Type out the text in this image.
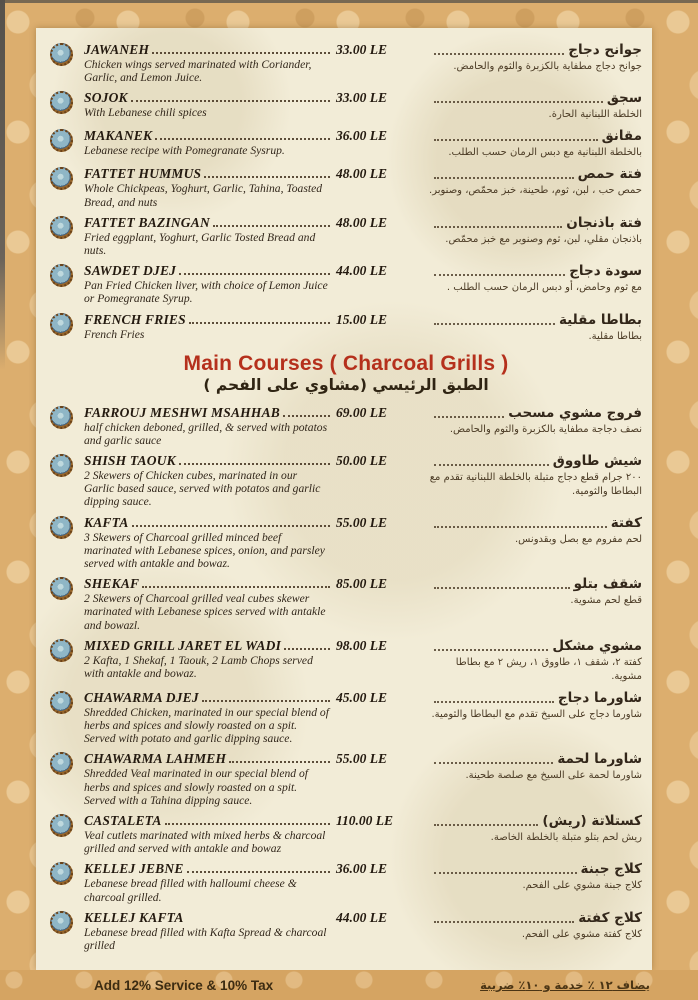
JAWANEH
Chicken wings served marinated with Coriander, Garlic, and Lemon Juice.
33.00 LE	جوانح دجاج
جوانح دجاج مطفاية بالكزبرة والثوم والحامض.
SOJOK
With Lebanese chili spices
33.00 LE	سجق
الخلطة اللبنانية الحارة.
MAKANEK
Lebanese recipe with Pomegranate Sysrup.
36.00 LE	مقانق
بالخلطة اللبنانية مع دبس الرمان حسب الطلب.
FATTET HUMMUS
Whole Chickpeas, Yoghurt, Garlic, Tahina, Toasted Bread, and nuts
48.00 LE	فتة حمص
حمص حب ، لبن، ثوم، طحينة، خبز محمّص، وصنوبر.
FATTET BAZINGAN
Fried eggplant, Yoghurt, Garlic Tosted Bread and nuts.
48.00 LE	فتة باذنجان
باذنجان مقلي، لبن، ثوم وصنوبر مع خبز محمّص.
SAWDET DJEJ
Pan Fried Chicken liver, with choice of Lemon Juice or Pomegranate Syrup.
44.00 LE	سودة دجاج
مع ثوم وحامض، أو دبس الرمان حسب الطلب .
FRENCH FRIES
French Fries
15.00 LE	بطاطا مقلية
بطاطا مقلية.
Main Courses ( Charcoal Grills )
الطبق الرئيسي (مشاوي على الفحم )
FARROUJ MESHWI MSAHHAB
half chicken deboned, grilled, & served with potatos and garlic sauce
69.00 LE	فروج مشوي مسحب
نصف دجاجة مطفاية بالكزبرة والثوم والحامض.
SHISH TAOUK
2 Skewers of Chicken cubes, marinated in our Garlic based sauce, served with potatos and garlic dipping sauce.
50.00 LE	شيش طاووق
٢٠٠ جرام قطع دجاج متبلة بالخلطة اللبنانية تقدم مع البطاطا والثومية.
KAFTA
3 Skewers of Charcoal grilled minced beef marinated with Lebanese spices, onion, and parsley served with antakle and bowaz.
55.00 LE	كفتة
لحم مفروم مع بصل وبقدونس.
SHEKAF
2 Skewers of Charcoal grilled veal cubes skewer marinated with Lebanese spices served with antakle and bowazl.
85.00 LE	شقف بتلو
قطع لحم مشوية.
MIXED GRILL JARET EL WADI
2 Kafta, 1 Shekaf, 1 Taouk, 2 Lamb Chops served with antakle and bowaz.
98.00 LE	مشوي مشكل
كفتة ٢، شقف ١، طاووق ١، ريش ٢ مع بطاطا مشوية.
CHAWARMA DJEJ
Shredded Chicken, marinated in our special blend of herbs and spices and slowly roasted on a spit. Served with potato and garlic dipping sauce.
45.00 LE	شاورما دجاج
شاورما دجاج على السيخ تقدم مع البطاطا والثومية.
CHAWARMA LAHMEH
Shredded Veal marinated in our special blend of herbs and spices and slowly roasted on a spit. Served with a Tahina dipping sauce.
55.00 LE	شاورما لحمة
شاورما لحمة على السيخ مع صلصة طحينة.
CASTALETA
Veal cutlets marinated with mixed herbs & charcoal grilled and served with antakle and bowaz
110.00 LE	كستلاتة (ريش)
ريش لحم بتلو متبلة بالخلطة الخاصة.
KELLEJ JEBNE
Lebanese bread filled with halloumi cheese & charcoal grilled.
36.00 LE	كلاج جبنة
كلاج جبنة مشوي على الفحم.
KELLEJ KAFTA
Lebanese bread filled with Kafta Spread & charcoal grilled
44.00 LE	كلاج كفتة
كلاج كفتة مشوي على الفحم.
Add 12% Service & 10% Tax	يضاف ١٢ ٪ خدمة و ١٠٪ ضريبة
